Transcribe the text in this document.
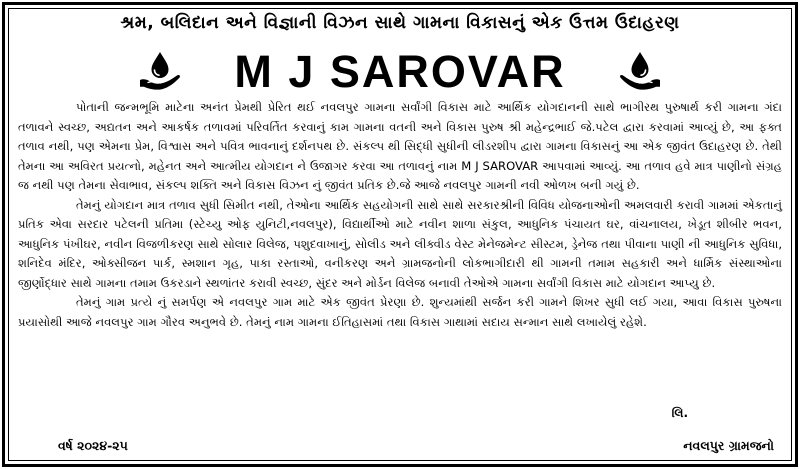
શ્રમ, બલિદાન અને વિજ્ઞાની વિઝન સાથે ગામના વિકાસનું એક ઉત્તમ ઉદાહરણ
M J SAROVAR

પોતાની જન્મભૂમિ માટેના અનંત પ્રેમથી પ્રેરિત થઈ નવલપુર ગામના સર્વાંગી વિકાસ માટે આર્થિક યોગદાનની સાથે ભાગીરથ પુરુષાર્થ કરી ગામના ગંદા તળાવને સ્વચ્છ, અદ્યતન અને આકર્ષક તળાવમાં પરિવર્તિત કરવાનું કામ ગામના વતની અને વિકાસ પુરુષ શ્રી મહેન્દ્રભાઈ જે.પટેલ દ્વારા કરવામાં આવ્યું છે, આ ફક્ત તળાવ નથી, પણ એમના પ્રેમ, વિશ્વાસ અને પવિત્ર ભાવનાનું દર્શનપથ છે. સંકલ્પ થી સિદ્ધી સુધીની લીડરશીપ દ્વારા ગામના વિકાસનું આ એક જીવંત ઉદાહરણ છે. તેથી તેમના આ અવિરત પ્રયત્નો, મહેનત અને આત્મીય યોગદાન ને ઉજાગર કરવા આ તળાવનું નામ M J SAROVAR આપવામાં આવ્યું. આ તળાવ હવે માત્ર પાણીનો સંગ્રહ જ નથી પણ તેમના સેવાભાવ, સંકલ્પ શક્તિ અને વિકાસ વિઝન નું જીવંત પ્રતિક છે.જે આજે નવલપુર ગામની નવી ઓળખ બની ગયું છે.

તેમનું યોગદાન માત્ર તળાવ સુધી સિમીત નથી, તેઓના આર્થિક સહયોગની સાથે સાથે સરકારશ્રીની વિવિધ યોજનાઓની અમલવારી કરાવી ગામમાં એકતાનું પ્રતિક એવા સરદાર પટેલની પ્રતિમા (સ્ટેચ્યુ ઓફ યુનિટી,નવલપુર), વિદ્યાર્થીઓ માટે નવીન શાળા સંકુલ, આધુનિક પંચાયત ઘર, વાંચનાલય, ખેડૂત શીબીર ભવન, આધુનિક પંખીઘર, નવીન વિજળીકરણ સાથે સોલાર વિલેજ, પશુદવાખાનું, સોલીડ અને લીક્વીડ વેસ્ટ મેનેજમેન્ટ સીસ્ટમ, ડ્રેનેજ તથા પીવાના પાણી ની આધુનિક સુવિધા, શનિદેવ મંદિર, ઓક્સીજન પાર્ક, સ્મશાન ગૃહ, પાકા રસ્તાઓ, વનીકરણ અને ગ્રામજનોની લોકભાગીદારી થી ગામની તમામ સહકારી અને ધાર્મિક સંસ્થાઓના જીર્ણોદ્ધાર સાથે ગામના તમામ ઉકરડાને સ્થળાંતર કરાવી સ્વચ્છ, સુંદર અને મોર્ડન વિલેજ બનાવી તેઓએ ગામના સર્વાંગી વિકાસ માટે યોગદાન આપ્યુ છે.

તેમનું ગામ પ્રત્યે નું સમર્પણ એ નવલપુર ગામ માટે એક જીવંત પ્રેરણા છે. શુન્યમાંથી સર્જન કરી ગામને શિખર સુધી લઈ ગયા, આવા વિકાસ પુરુષના પ્રયાસોથી આજે નવલપુર ગામ ગૌરવ અનુભવે છે. તેમનું નામ ગામના ઈતિહાસમાં તથા વિકાસ ગાથામાં સદાય સન્માન સાથે લખાયેલું રહેશે.

લિ.
વર્ષ ૨૦૨૪-૨૫	નવલપુર ગ્રામજનો
